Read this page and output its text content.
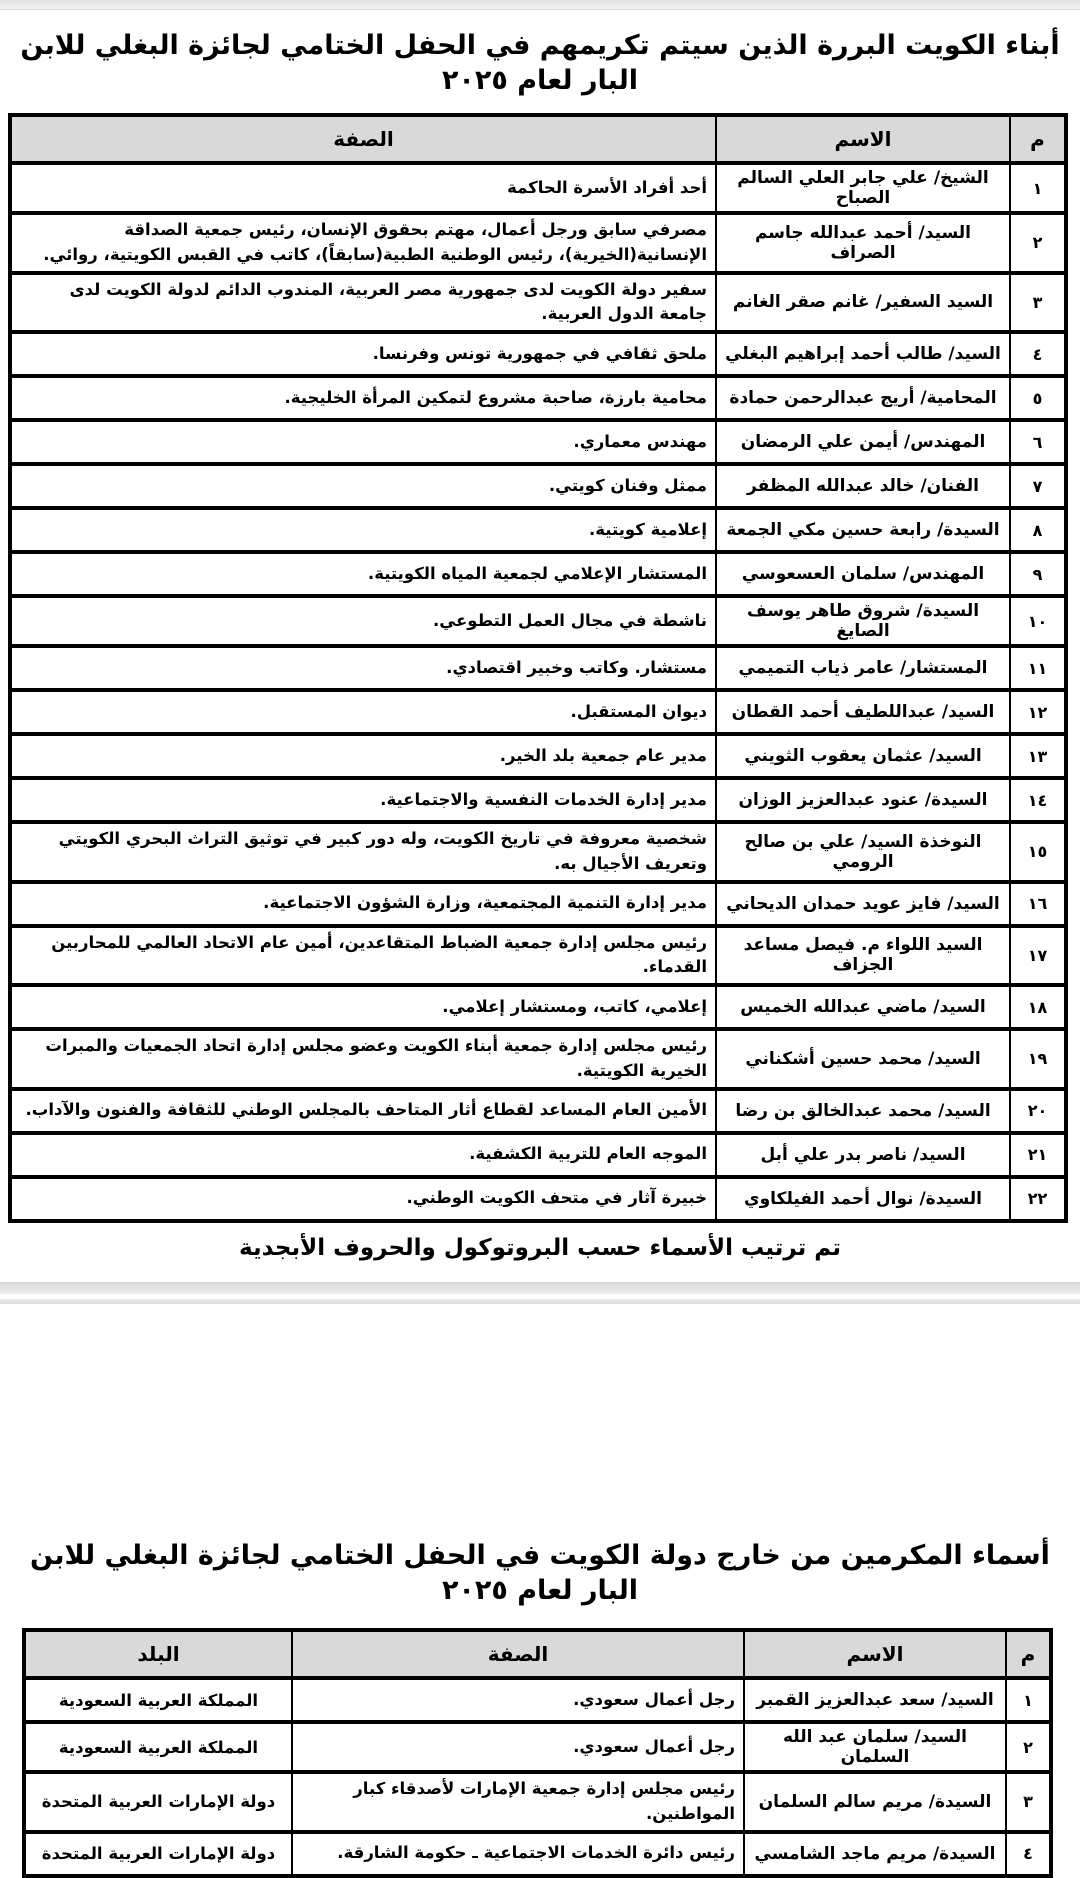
أبناء الكويت البررة الذين سيتم تكريمهم في الحفل الختامي لجائزة البغلي للابن البار لعام ٢٠٢٥
م	الاسم	الصفة
١	الشيخ/ علي جابر العلي السالم الصباح	أحد أفراد الأسرة الحاكمة
٢	السيد/ أحمد عبدالله جاسم الصراف	مصرفي سابق ورجل أعمال، مهتم بحقوق الإنسان، رئيس جمعية الصداقة الإنسانية(الخيرية)، رئيس الوطنية الطبية(سابقاً)، كاتب في القبس الكويتية، روائي.
٣	السيد السفير/ غانم صقر الغانم	سفير دولة الكويت لدى جمهورية مصر العربية، المندوب الدائم لدولة الكويت لدى جامعة الدول العربية.
٤	السيد/ طالب أحمد إبراهيم البغلي	ملحق ثقافي في جمهورية تونس وفرنسا.
٥	المحامية/ أريج عبدالرحمن حمادة	محامية بارزة، صاحبة مشروع لتمكين المرأة الخليجية.
٦	المهندس/ أيمن علي الرمضان	مهندس معماري.
٧	الفنان/ خالد عبدالله المظفر	ممثل وفنان كويتي.
٨	السيدة/ رابعة حسين مكي الجمعة	إعلامية كويتية.
٩	المهندس/ سلمان العسعوسي	المستشار الإعلامي لجمعية المياه الكويتية.
١٠	السيدة/ شروق طاهر يوسف الصايغ	ناشطة في مجال العمل التطوعي.
١١	المستشار/ عامر ذياب التميمي	مستشار. وكاتب وخبير اقتصادي.
١٢	السيد/ عبداللطيف أحمد القطان	ديوان المستقبل.
١٣	السيد/ عثمان يعقوب الثويني	مدير عام جمعية بلد الخير.
١٤	السيدة/ عنود عبدالعزيز الوزان	مدير إدارة الخدمات النفسية والاجتماعية.
١٥	النوخذة السيد/ علي بن صالح الرومي	شخصية معروفة في تاريخ الكويت، وله دور كبير في توثيق التراث البحري الكويتي وتعريف الأجيال به.
١٦	السيد/ فايز عويد حمدان الديحاني	مدير إدارة التنمية المجتمعية، وزارة الشؤون الاجتماعية.
١٧	السيد اللواء م. فيصل مساعد الجزاف	رئيس مجلس إدارة جمعية الضباط المتقاعدين، أمين عام الاتحاد العالمي للمحاربين القدماء.
١٨	السيد/ ماضي عبدالله الخميس	إعلامي، كاتب، ومستشار إعلامي.
١٩	السيد/ محمد حسين أشكناني	رئيس مجلس إدارة جمعية أبناء الكويت وعضو مجلس إدارة اتحاد الجمعيات والمبرات الخيرية الكويتية.
٢٠	السيد/ محمد عبدالخالق بن رضا	الأمين العام المساعد لقطاع أثار المتاحف بالمجلس الوطني للثقافة والفنون والآداب.
٢١	السيد/ ناصر بدر علي أبل	الموجه العام للتربية الكشفية.
٢٢	السيدة/ نوال أحمد الفيلكاوي	خبيرة آثار في متحف الكويت الوطني.
تم ترتيب الأسماء حسب البروتوكول والحروف الأبجدية
أسماء المكرمين من خارج دولة الكويت في الحفل الختامي لجائزة البغلي للابن البار لعام ٢٠٢٥
م	الاسم	الصفة	البلد
١	السيد/ سعد عبدالعزيز القمبر	رجل أعمال سعودي.	المملكة العربية السعودية
٢	السيد/ سلمان عبد الله السلمان	رجل أعمال سعودي.	المملكة العربية السعودية
٣	السيدة/ مريم سالم السلمان	رئيس مجلس إدارة جمعية الإمارات لأصدقاء كبار المواطنين.	دولة الإمارات العربية المتحدة
٤	السيدة/ مريم ماجد الشامسي	رئيس دائرة الخدمات الاجتماعية ـ حكومة الشارقة.	دولة الإمارات العربية المتحدة
